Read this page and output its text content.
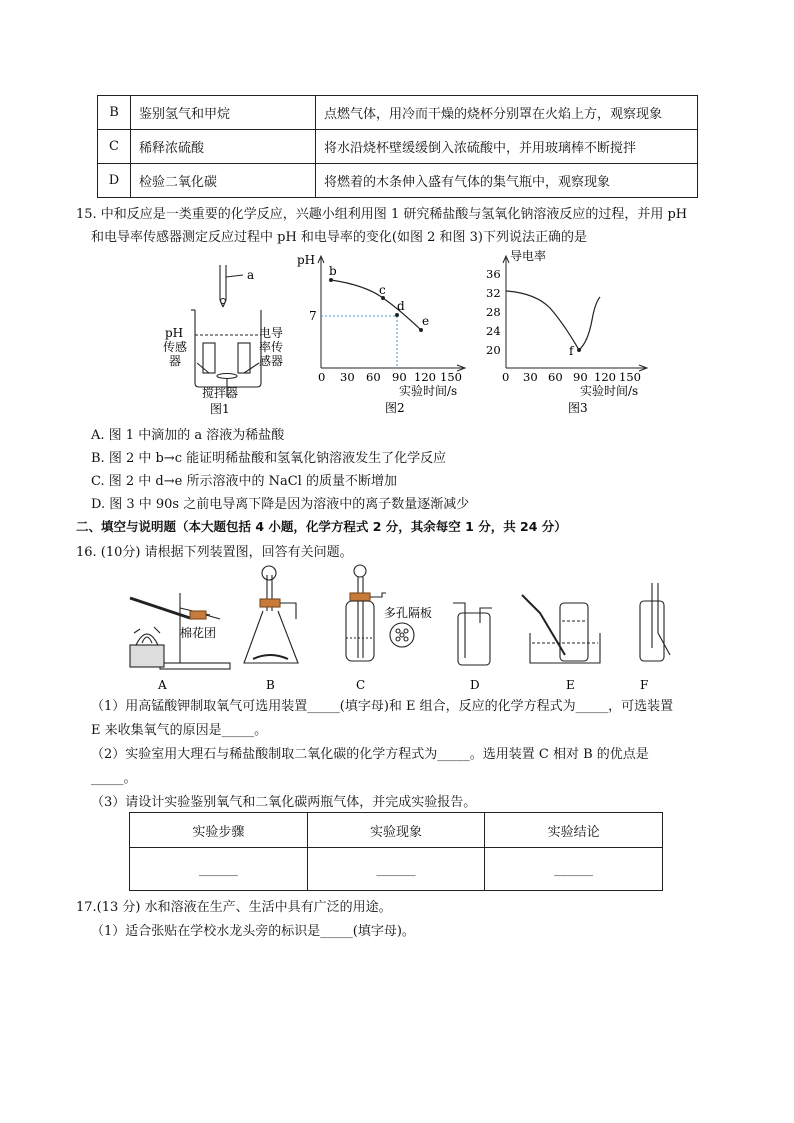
B	鉴别氢气和甲烷	点燃气体，用冷而干燥的烧杯分别罩在火焰上方，观察现象
C	稀释浓硫酸	将水沿烧杯壁缓缓倒入浓硫酸中，并用玻璃棒不断搅拌
D	检验二氧化碳	将燃着的木条伸入盛有气体的集气瓶中，观察现象
15. 中和反应是一类重要的化学反应，兴趣小组利用图 1 研究稀盐酸与氢氧化钠溶液反应的过程，并用 pH
和电导率传感器测定反应过程中 pH 和电导率的变化(如图 2 和图 3)下列说法正确的是
a
pH 传感器
电导率传感器
搅拌器
图1
pH
7
b
c
d
e
0 30 60 90 120 150
实验时间/s
图2
导电率
36
32
28
24
20	f
0 30 60 90 120 150
实验时间/s
图3
A. 图 1 中滴加的 a 溶液为稀盐酸
B. 图 2 中 b→c 能证明稀盐酸和氢氧化钠溶液发生了化学反应
C. 图 2 中 d→e 所示溶液中的 NaCl 的质量不断增加
D. 图 3 中 90s 之前电导离下降是因为溶液中的离子数量逐渐减少
二、填空与说明题（本大题包括 4 小题，化学方程式 2 分，其余每空 1 分，共 24 分）
16. (10分) 请根据下列装置图，回答有关问题。
A	B	C	D	E	F
棉花团
多孔隔板
（1）用高锰酸钾制取氧气可选用装置_____(填字母)和 E 组合，反应的化学方程式为_____，可选装置
E 来收集氧气的原因是_____。
（2）实验室用大理石与稀盐酸制取二氧化碳的化学方程式为_____。选用装置 C 相对 B 的优点是
_____。
（3）请设计实验鉴别氧气和二氧化碳两瓶气体，并完成实验报告。
实验步骤	实验现象	实验结论
______	______	______
17.(13 分) 水和溶液在生产、生活中具有广泛的用途。
（1）适合张贴在学校水龙头旁的标识是_____(填字母)。
